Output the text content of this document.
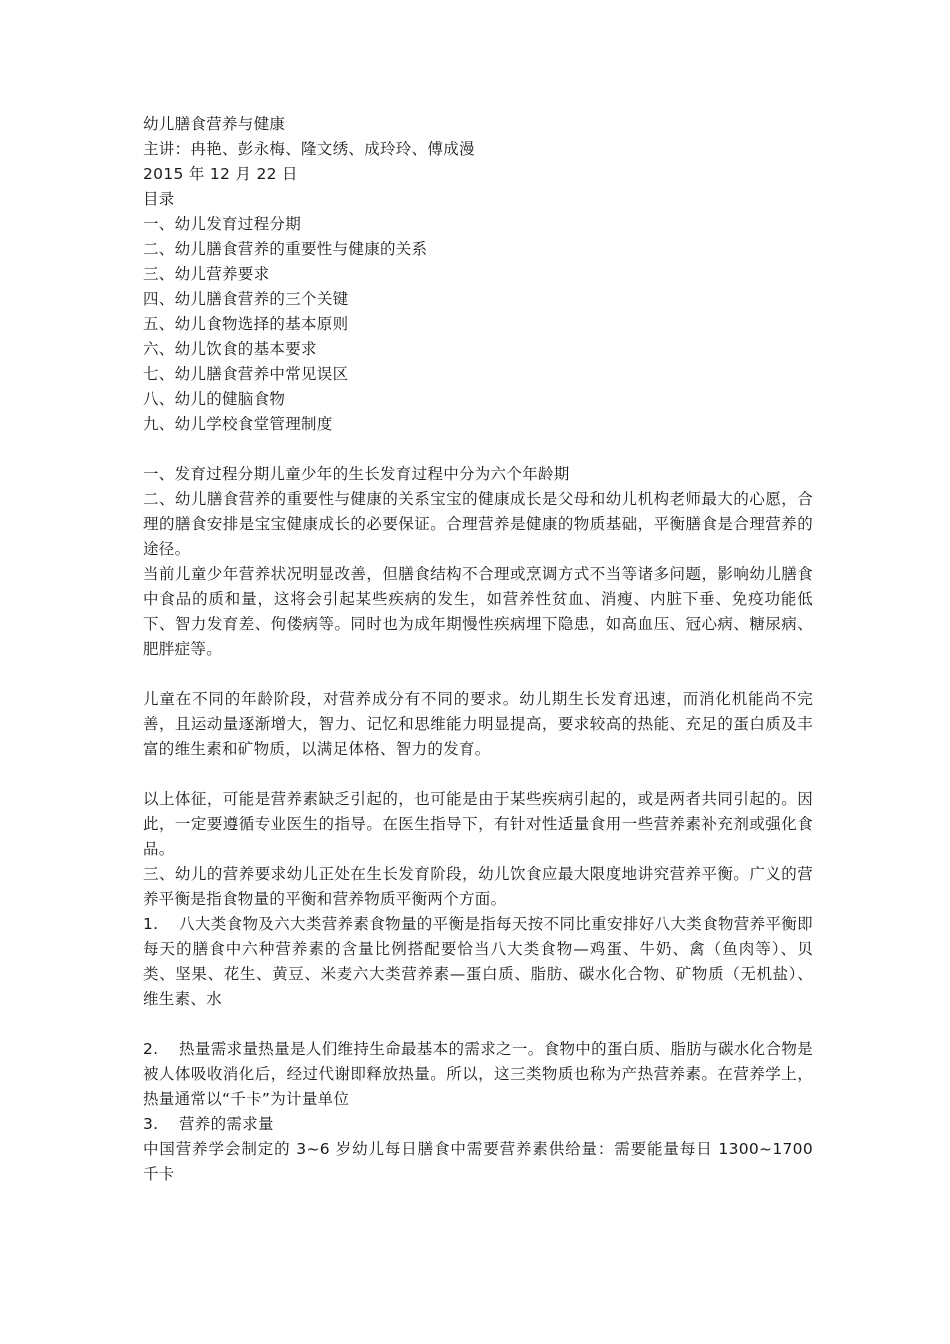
幼儿膳食营养与健康

主讲：冉艳、彭永梅、隆文绣、成玲玲、傅成漫

2015 年 12 月 22 日

目录

一、幼儿发育过程分期
二、幼儿膳食营养的重要性与健康的关系
三、幼儿营养要求
四、幼儿膳食营养的三个关键
五、幼儿食物选择的基本原则
六、幼儿饮食的基本要求
七、幼儿膳食营养中常见误区
八、幼儿的健脑食物
九、幼儿学校食堂管理制度

一、发育过程分期儿童少年的生长发育过程中分为六个年龄期

二、幼儿膳食营养的重要性与健康的关系宝宝的健康成长是父母和幼儿机构老师最大的心愿，合理的膳食安排是宝宝健康成长的必要保证。合理营养是健康的物质基础，平衡膳食是合理营养的途径。

当前儿童少年营养状况明显改善，但膳食结构不合理或烹调方式不当等诸多问题，影响幼儿膳食中食品的质和量，这将会引起某些疾病的发生，如营养性贫血、消瘦、内脏下垂、免疫功能低下、智力发育差、佝偻病等。同时也为成年期慢性疾病埋下隐患，如高血压、冠心病、糖尿病、肥胖症等。

儿童在不同的年龄阶段，对营养成分有不同的要求。幼儿期生长发育迅速，而消化机能尚不完善，且运动量逐渐增大，智力、记忆和思维能力明显提高，要求较高的热能、充足的蛋白质及丰富的维生素和矿物质，以满足体格、智力的发育。

以上体征，可能是营养素缺乏引起的，也可能是由于某些疾病引起的，或是两者共同引起的。因此，一定要遵循专业医生的指导。在医生指导下，有针对性适量食用一些营养素补充剂或强化食品。

三、幼儿的营养要求幼儿正处在生长发育阶段，幼儿饮食应最大限度地讲究营养平衡。广义的营养平衡是指食物量的平衡和营养物质平衡两个方面。

1. 八大类食物及六大类营养素食物量的平衡是指每天按不同比重安排好八大类食物营养平衡即每天的膳食中六种营养素的含量比例搭配要恰当八大类食物—鸡蛋、牛奶、禽（鱼肉等）、贝类、坚果、花生、黄豆、米麦六大类营养素—蛋白质、脂肪、碳水化合物、矿物质（无机盐）、维生素、水

2. 热量需求量热量是人们维持生命最基本的需求之一。食物中的蛋白质、脂肪与碳水化合物是被人体吸收消化后，经过代谢即释放热量。所以，这三类物质也称为产热营养素。在营养学上，热量通常以“千卡”为计量单位

3. 营养的需求量

中国营养学会制定的 3~6 岁幼儿每日膳食中需要营养素供给量：需要能量每日 1300~1700 千卡
